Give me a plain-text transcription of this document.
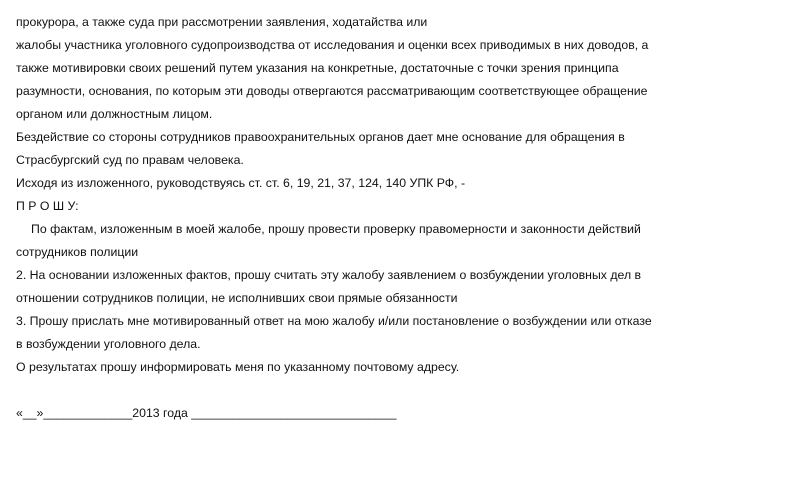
прокурора, а также суда при рассмотрении заявления, ходатайства или
жалобы участника уголовного судопроизводства от исследования и оценки всех приводимых в них доводов, а
также мотивировки своих решений путем указания на конкретные, достаточные с точки зрения принципа
разумности, основания, по которым эти доводы отвергаются рассматривающим соответствующее обращение
органом или должностным лицом.
Бездействие со стороны сотрудников правоохранительных органов дает мне основание для обращения в
Страсбургский суд по правам человека.
Исходя из изложенного, руководствуясь ст. ст. 6, 19, 21, 37, 124, 140 УПК РФ, -
П Р О Ш У:
По фактам, изложенным в моей жалобе, прошу провести проверку правомерности и законности действий
сотрудников полиции
2. На основании изложенных фактов, прошу считать эту жалобу заявлением о возбуждении уголовных дел в
отношении сотрудников полиции, не исполнивших свои прямые обязанности
3. Прошу прислать мне мотивированный ответ на мою жалобу и/или постановление о возбуждении или отказе
в возбуждении уголовного дела.
О результатах прошу информировать меня по указанному почтовому адресу.
«__»_____________2013 года ______________________________
